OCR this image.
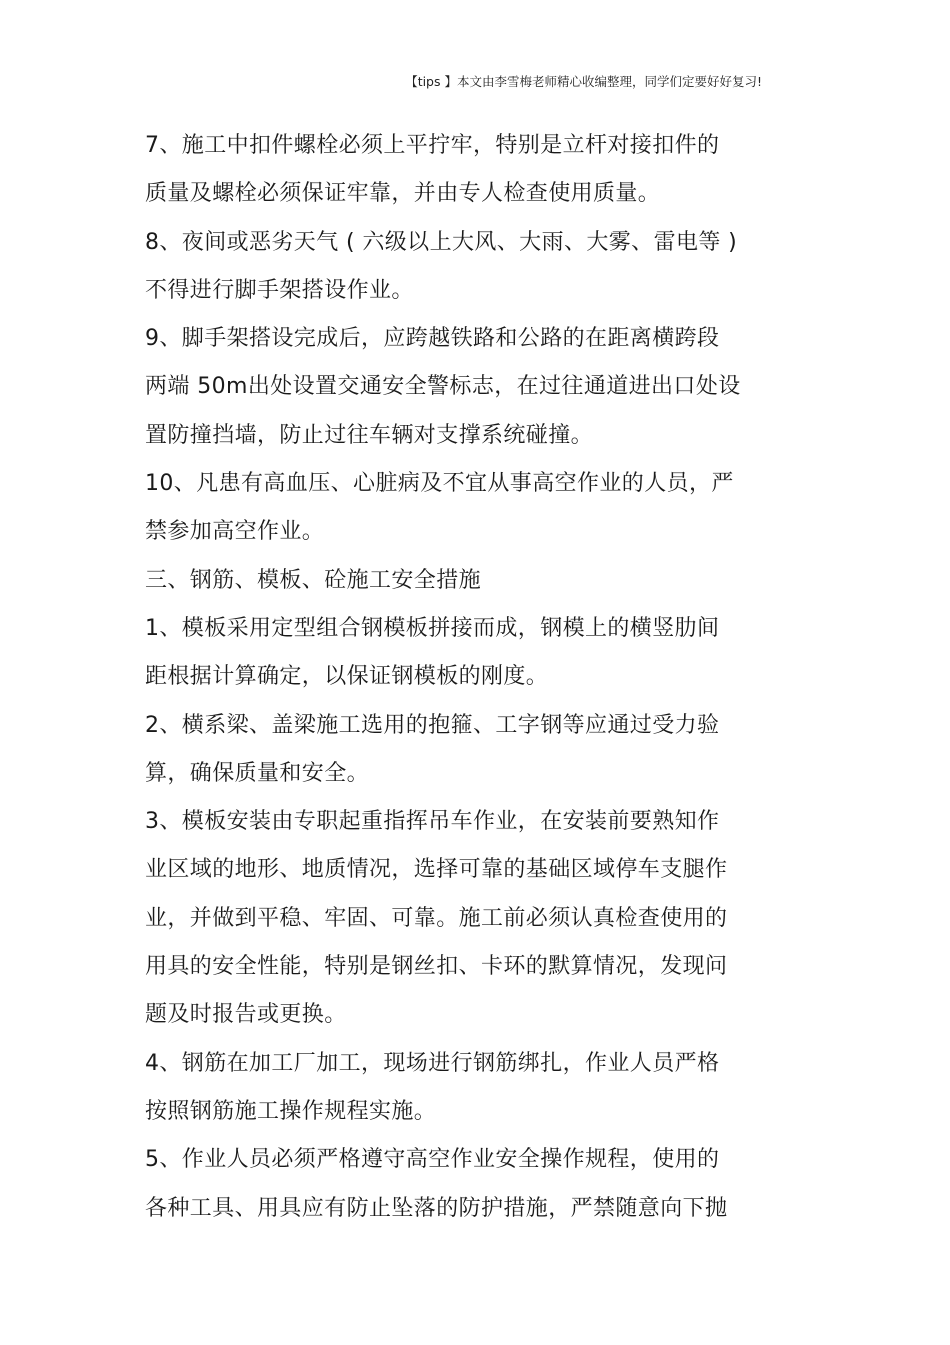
【tips 】本文由李雪梅老师精心收编整理，同学们定要好好复习!
7、施工中扣件螺栓必须上平拧牢，特别是立杆对接扣件的
质量及螺栓必须保证牢靠，并由专人检查使用质量。
8、夜间或恶劣天气 ( 六级以上大风、大雨、大雾、雷电等 )
不得进行脚手架搭设作业。
9、脚手架搭设完成后，应跨越铁路和公路的在距离横跨段
两端 50m出处设置交通安全警标志，在过往通道进出口处设
置防撞挡墙，防止过往车辆对支撑系统碰撞。
10、凡患有高血压、心脏病及不宜从事高空作业的人员，严
禁参加高空作业。
三、钢筋、模板、砼施工安全措施
1、模板采用定型组合钢模板拼接而成，钢模上的横竖肋间
距根据计算确定，以保证钢模板的刚度。
2、横系梁、盖梁施工选用的抱箍、工字钢等应通过受力验
算，确保质量和安全。
3、模板安装由专职起重指挥吊车作业，在安装前要熟知作
业区域的地形、地质情况，选择可靠的基础区域停车支腿作
业，并做到平稳、牢固、可靠。施工前必须认真检查使用的
用具的安全性能，特别是钢丝扣、卡环的默算情况，发现问
题及时报告或更换。
4、钢筋在加工厂加工，现场进行钢筋绑扎，作业人员严格
按照钢筋施工操作规程实施。
5、作业人员必须严格遵守高空作业安全操作规程，使用的
各种工具、用具应有防止坠落的防护措施，严禁随意向下抛
